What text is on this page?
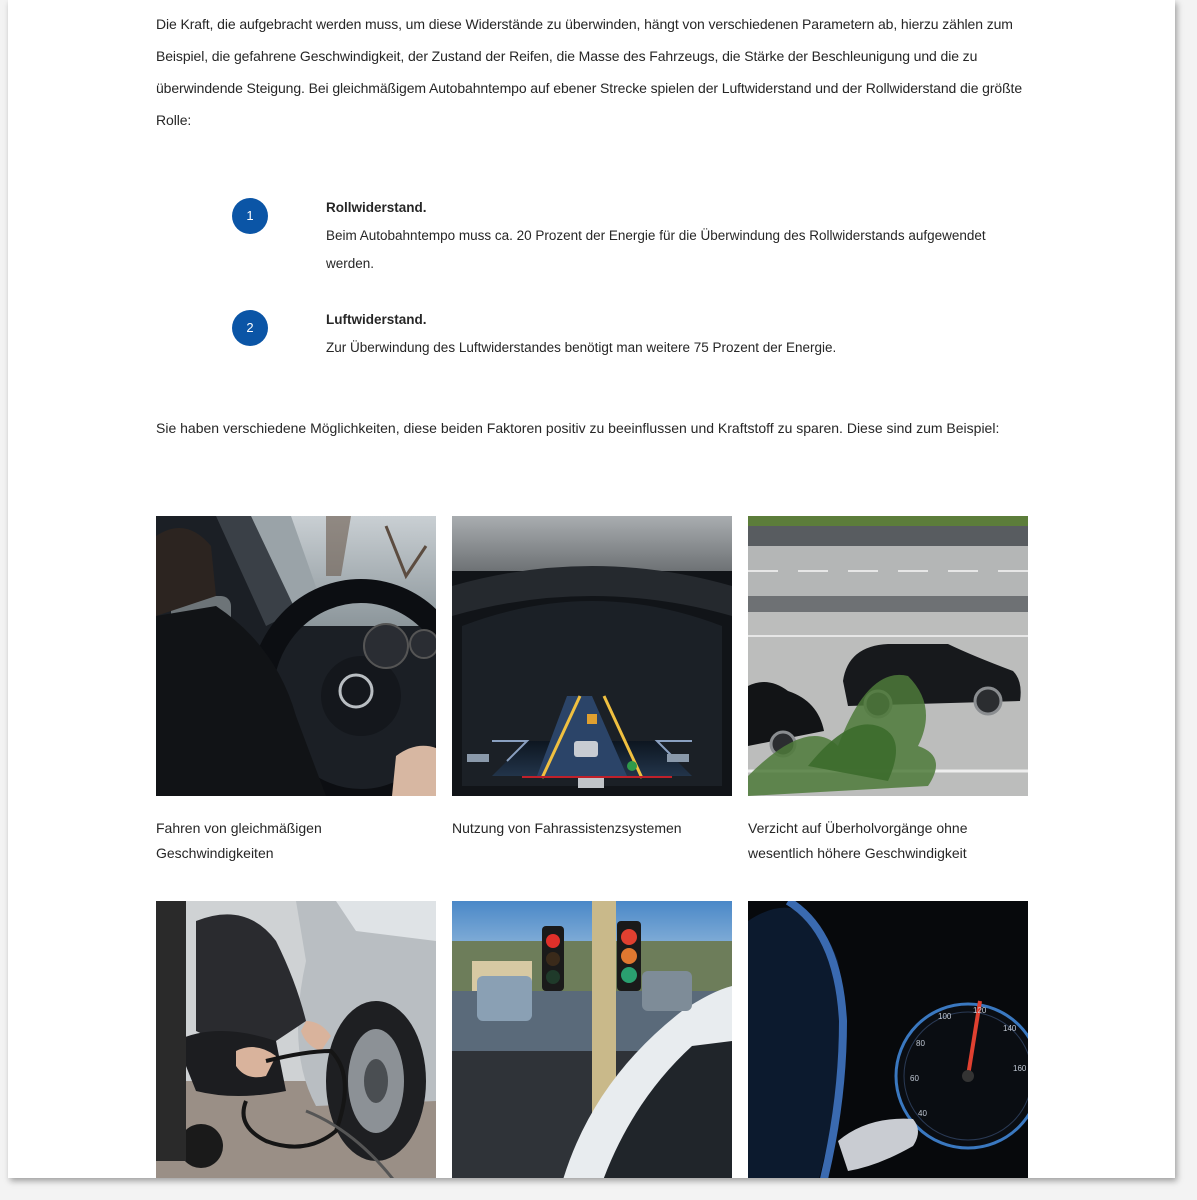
Die Kraft, die aufgebracht werden muss, um diese Widerstände zu überwinden, hängt von verschiedenen Parametern ab, hierzu zählen zum Beispiel, die gefahrene Geschwindigkeit, der Zustand der Reifen, die Masse des Fahrzeugs, die Stärke der Beschleunigung und die zu überwindende Steigung. Bei gleichmäßigem Autobahntempo auf ebener Strecke spielen der Luftwiderstand und der Rollwiderstand die größte Rolle:

1
Rollwiderstand.
Beim Autobahntempo muss ca. 20 Prozent der Energie für die Überwindung des Rollwiderstands aufgewendet werden.
2
Luftwiderstand.
Zur Überwindung des Luftwiderstandes benötigt man weitere 75 Prozent der Energie.

Sie haben verschiedene Möglichkeiten, diese beiden Faktoren positiv zu beeinflussen und Kraftstoff zu sparen. Diese sind zum Beispiel:

Fahren von gleichmäßigen Geschwindigkeiten
Nutzung von Fahrassistenzsystemen	Verzicht auf Überholvorgänge ohne wesentlich höhere Geschwindigkeit
40
60
80
100
120
140
160
